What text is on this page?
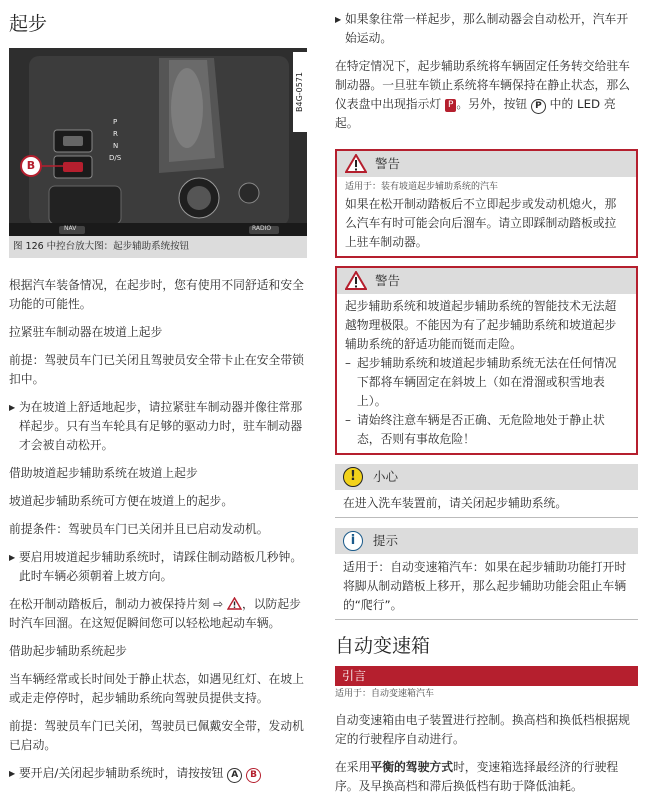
起步
B
P
R
N
D/S
NAV	RADIO
B4G-0571
图 126 中控台放大图：起步辅助系统按钮

根据汽车装备情况，在起步时，您有使用不同舒适和安全功能的可能性。

拉紧驻车制动器在坡道上起步

前提：驾驶员车门已关闭且驾驶员安全带卡止在安全带锁扣中。

▶ 为在坡道上舒适地起步，请拉紧驻车制动器并像往常那样起步。只有当车轮具有足够的驱动力时，驻车制动器才会被自动松开。

借助坡道起步辅助系统在坡道上起步

坡道起步辅助系统可方便在坡道上的起步。

前提条件：驾驶员车门已关闭并且已启动发动机。

▶ 要启用坡道起步辅助系统时，请踩住制动踏板几秒钟。此时车辆必须朝着上坡方向。

在松开制动踏板后，制动力被保持片刻 ⇨ ，以防起步时汽车回溜。在这短促瞬间您可以轻松地起动车辆。

借助起步辅助系统起步

当车辆经常或长时间处于静止状态，如遇见红灯、在坡上或走走停停时，起步辅助系统向驾驶员提供支持。

前提：驾驶员车门已关闭，驾驶员已佩戴安全带，发动机已启动。

▶ 要开启/关闭起步辅助系统时，请按按钮 A B

▶ 如果象往常一样起步，那么制动器会自动松开，汽车开始运动。

在特定情况下，起步辅助系统将车辆固定任务转交给驻车制动器。一旦驻车锁止系统将车辆保持在静止状态，那么仪表盘中出现指示灯 P 。另外，按钮 P 中的 LED 亮起。

警告
适用于：装有坡道起步辅助系统的汽车
如果在松开制动踏板后不立即起步或发动机熄火，那么汽车有时可能会向后溜车。请立即踩制动踏板或拉上驻车制动器。
警告
起步辅助系统和坡道起步辅助系统的智能技术无法超越物理极限。不能因为有了起步辅助系统和坡道起步辅助系统的舒适功能而铤而走险。
– 起步辅助系统和坡道起步辅助系统无法在任何情况下都将车辆固定在斜坡上（如在滑溜或积雪地表上）。
– 请始终注意车辆是否正确、无危险地处于静止状态，否则有事故危险！
!	小心
在进入洗车装置前，请关闭起步辅助系统。
i	提示
适用于：自动变速箱汽车：如果在起步辅助功能打开时将脚从制动踏板上移开，那么起步辅助功能会阻止车辆的“爬行”。
自动变速箱
引言
适用于：自动变速箱汽车

自动变速箱由电子装置进行控制。换高档和换低档根据规定的行驶程序自动进行。

在采用平衡的驾驶方式时，变速箱选择最经济的行驶程序。及早换高档和滞后换低档有助于降低油耗。
